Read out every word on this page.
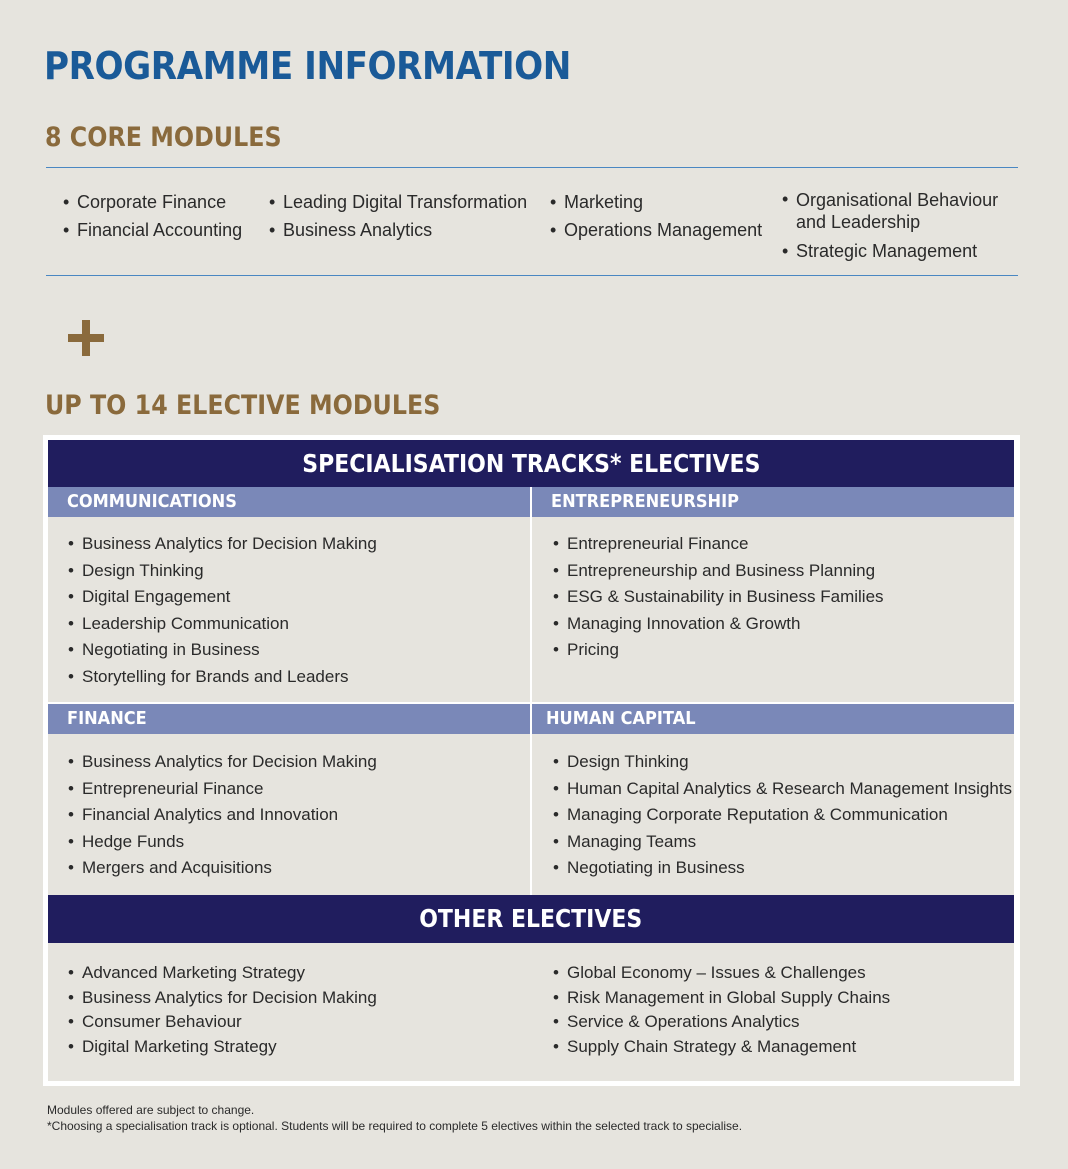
PROGRAMME INFORMATION
8 CORE MODULES
• Corporate Finance
• Financial Accounting
• Leading Digital Transformation
• Business Analytics
• Marketing
• Operations Management
• Organisational Behaviour and Leadership
• Strategic Management
UP TO 14 ELECTIVE MODULES
SPECIALISATION TRACKS* ELECTIVES
COMMUNICATIONS	ENTREPRENEURSHIP
• Business Analytics for Decision Making
• Design Thinking
• Digital Engagement
• Leadership Communication
• Negotiating in Business
• Storytelling for Brands and Leaders
• Entrepreneurial Finance
• Entrepreneurship and Business Planning
• ESG & Sustainability in Business Families
• Managing Innovation & Growth
• Pricing
FINANCE	HUMAN CAPITAL
• Business Analytics for Decision Making
• Entrepreneurial Finance
• Financial Analytics and Innovation
• Hedge Funds
• Mergers and Acquisitions
• Design Thinking
• Human Capital Analytics & Research Management Insights
• Managing Corporate Reputation & Communication
• Managing Teams
• Negotiating in Business
OTHER ELECTIVES
• Advanced Marketing Strategy
• Business Analytics for Decision Making
• Consumer Behaviour
• Digital Marketing Strategy
• Global Economy – Issues & Challenges
• Risk Management in Global Supply Chains
• Service & Operations Analytics
• Supply Chain Strategy & Management
Modules offered are subject to change.
*Choosing a specialisation track is optional. Students will be required to complete 5 electives within the selected track to specialise.
